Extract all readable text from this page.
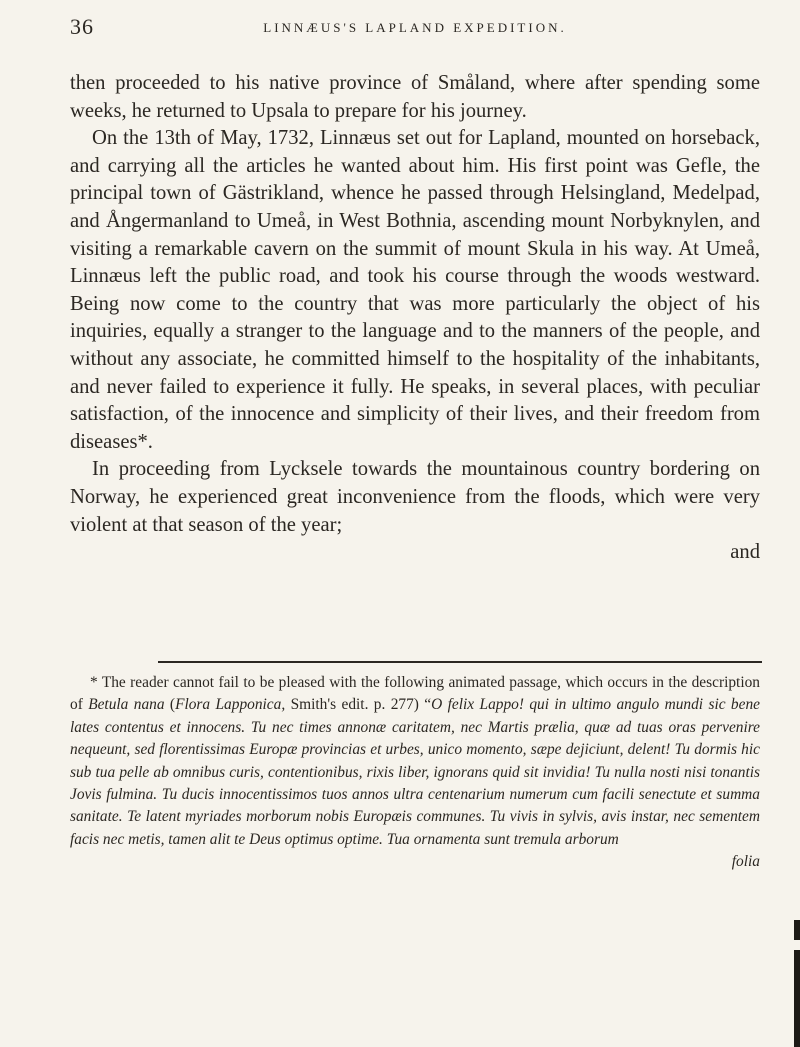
36	LINNÆUS'S LAPLAND EXPEDITION.

then proceeded to his native province of Småland, where after spending some weeks, he returned to Upsala to prepare for his journey.

On the 13th of May, 1732, Linnæus set out for Lapland, mounted on horseback, and carrying all the articles he wanted about him. His first point was Gefle, the principal town of Gästrikland, whence he passed through Helsingland, Medelpad, and Ångermanland to Umeå, in West Bothnia, ascending mount Norbyknylen, and visiting a remarkable cavern on the summit of mount Skula in his way. At Umeå, Linnæus left the public road, and took his course through the woods westward. Being now come to the country that was more particularly the object of his inquiries, equally a stranger to the language and to the manners of the people, and without any associate, he committed himself to the hospitality of the inhabitants, and never failed to experience it fully. He speaks, in several places, with peculiar satisfaction, of the innocence and simplicity of their lives, and their freedom from diseases*.

In proceeding from Lycksele towards the mountainous country bordering on Norway, he experienced great inconvenience from the floods, which were very violent at that season of the year;

and

* The reader cannot fail to be pleased with the following animated passage, which occurs in the description of Betula nana (Flora Lapponica, Smith's edit. p. 277) “O felix Lappo! qui in ultimo angulo mundi sic bene lates contentus et innocens. Tu nec times annonæ caritatem, nec Martis prælia, quæ ad tuas oras pervenire nequeunt, sed florentissimas Europæ provincias et urbes, unico momento, sæpe dejiciunt, delent! Tu dormis hic sub tua pelle ab omnibus curis, contentionibus, rixis liber, ignorans quid sit invidia! Tu nulla nosti nisi tonantis Jovis fulmina. Tu ducis innocentissimos tuos annos ultra centenarium numerum cum facili senectute et summa sanitate. Te latent myriades morborum nobis Europæis communes. Tu vivis in sylvis, avis instar, nec sementem facis nec metis, tamen alit te Deus optimus optime. Tua ornamenta sunt tremula arborum

folia
